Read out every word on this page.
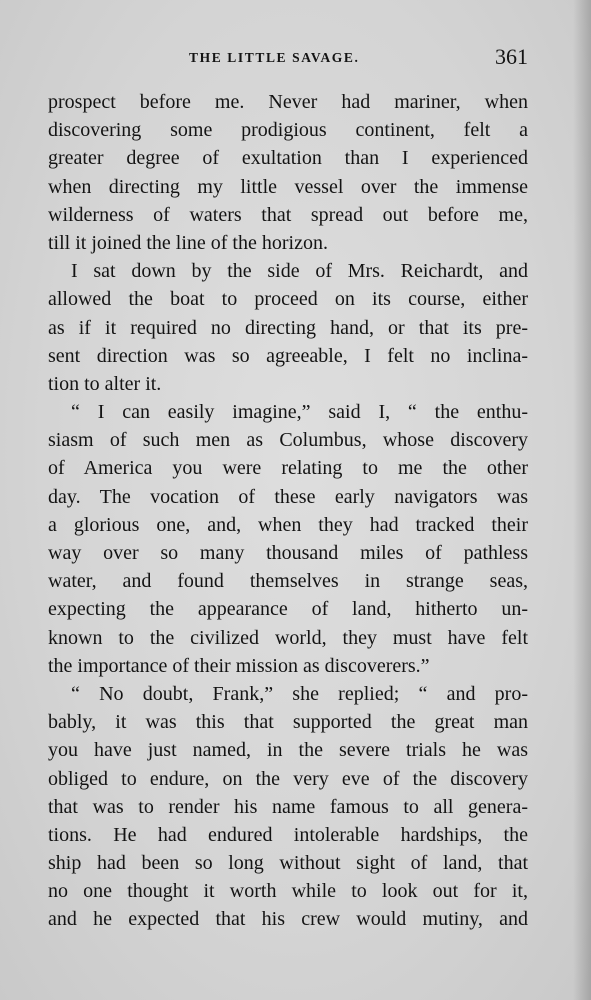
THE LITTLE SAVAGE.	361
prospect before me. Never had mariner, when
discovering some prodigious continent, felt a
greater degree of exultation than I experienced
when directing my little vessel over the immense
wilderness of waters that spread out before me,
till it joined the line of the horizon.
I sat down by the side of Mrs. Reichardt, and
allowed the boat to proceed on its course, either
as if it required no directing hand, or that its pre-
sent direction was so agreeable, I felt no inclina-
tion to alter it.
“ I can easily imagine,” said I, “ the enthu-
siasm of such men as Columbus, whose discovery
of America you were relating to me the other
day. The vocation of these early navigators was
a glorious one, and, when they had tracked their
way over so many thousand miles of pathless
water, and found themselves in strange seas,
expecting the appearance of land, hitherto un-
known to the civilized world, they must have felt
the importance of their mission as discoverers.”
“ No doubt, Frank,” she replied; “ and pro-
bably, it was this that supported the great man
you have just named, in the severe trials he was
obliged to endure, on the very eve of the discovery
that was to render his name famous to all genera-
tions. He had endured intolerable hardships, the
ship had been so long without sight of land, that
no one thought it worth while to look out for it,
and he expected that his crew would mutiny, and
